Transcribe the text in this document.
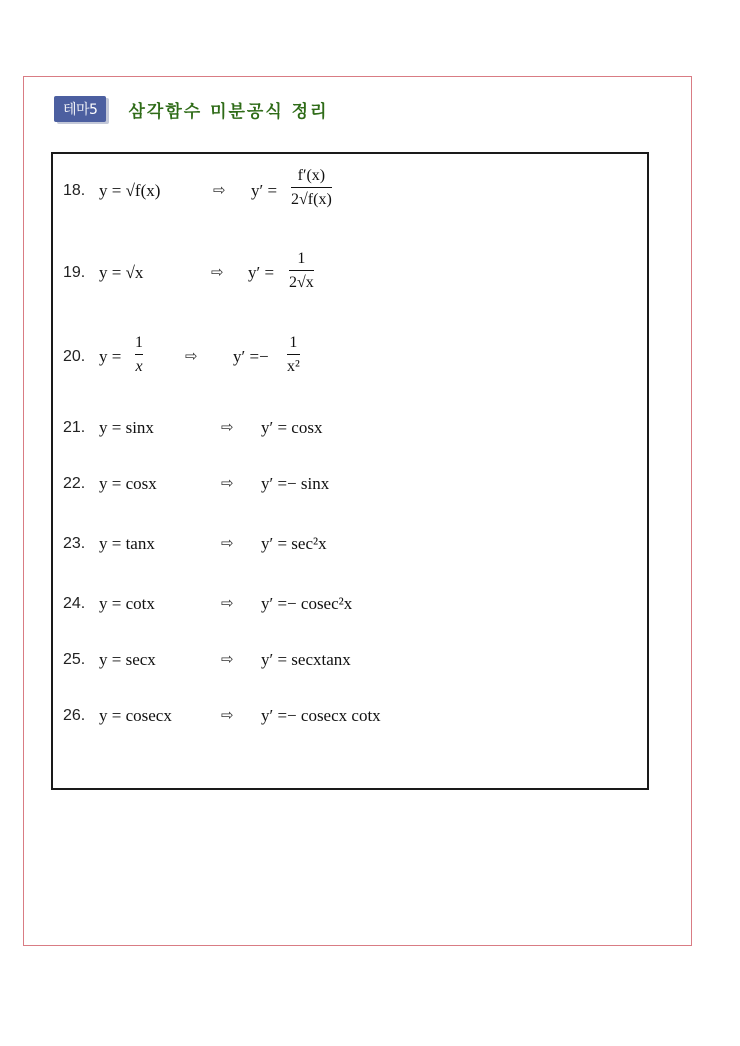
테마5	삼각함수 미분공식 정리
18. y = √f(x)	⇨ y′ =
f′(x)
2√f(x)
19. y = √x	⇨ y′ =
1
2√x
20. y =
1
x
⇨ y′ =−
1
x²
21. y = sinx	⇨ y′ = cosx
22. y = cosx	⇨ y′ =− sinx
23. y = tanx	⇨ y′ = sec²x
24. y = cotx	⇨ y′ =− cosec²x
25. y = secx	⇨ y′ = secxtanx
26. y = cosecx	⇨ y′ =− cosecx cotx
